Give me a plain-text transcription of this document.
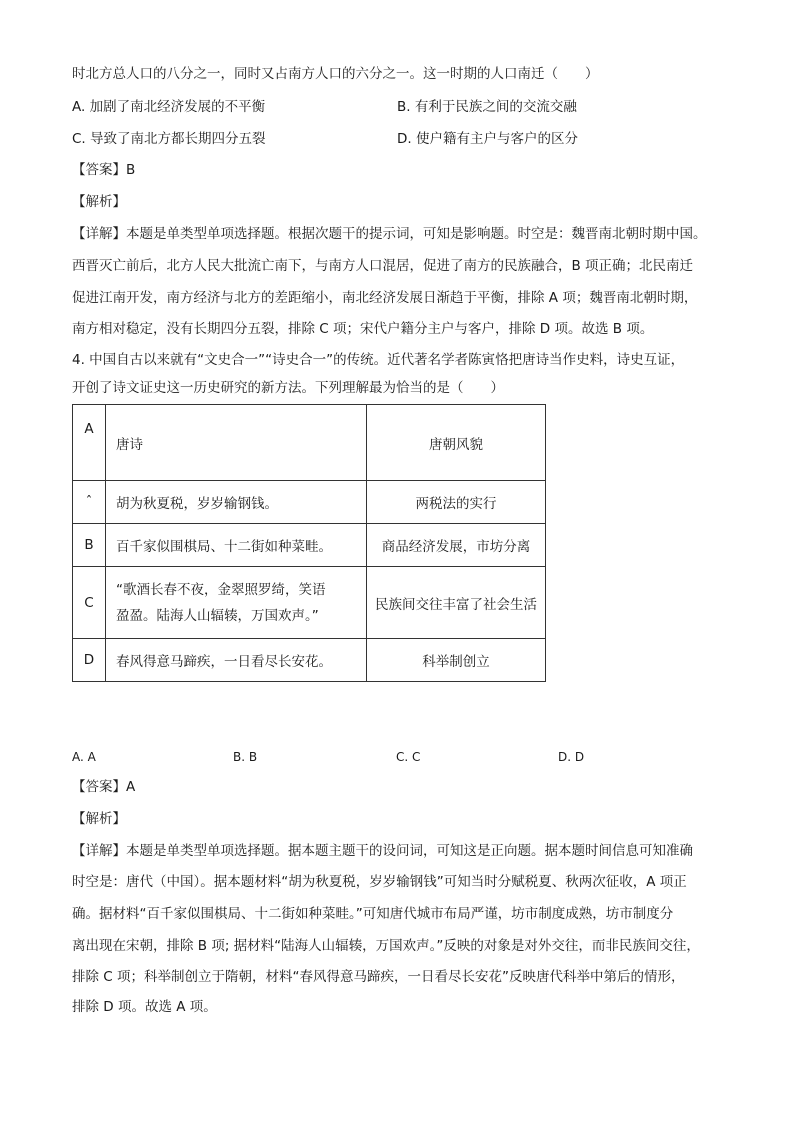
时北方总人口的八分之一，同时又占南方人口的六分之一。这一时期的人口南迁（　　）
A. 加剧了南北经济发展的不平衡	B. 有利于民族之间的交流交融
C. 导致了南北方都长期四分五裂	D. 使户籍有主户与客户的区分
【答案】B
【解析】
【详解】本题是单类型单项选择题。根据次题干的提示词，可知是影响题。时空是：魏晋南北朝时期中国。
西晋灭亡前后，北方人民大批流亡南下，与南方人口混居，促进了南方的民族融合，B 项正确；北民南迁
促进江南开发，南方经济与北方的差距缩小，南北经济发展日渐趋于平衡，排除 A 项；魏晋南北朝时期，
南方相对稳定，没有长期四分五裂，排除 C 项；宋代户籍分主户与客户，排除 D 项。故选 B 项。
4. 中国自古以来就有“文史合一”“诗史合一”的传统。近代著名学者陈寅恪把唐诗当作史料，诗史互证，
开创了诗文证史这一历史研究的新方法。下列理解最为恰当的是（　　）
A	唐诗	唐朝风貌
ˆ	胡为秋夏税，岁岁输钢钱。	两税法的实行
B	百千家似围棋局、十二街如种菜畦。	商品经济发展，市坊分离
C	“歌酒长春不夜，金翠照罗绮，笑语
盈盈。陆海人山辐辏，万国欢声。”	民族间交往丰富了社会生活
D	春风得意马蹄疾，一日看尽长安花。	科举制创立
A. A	B. B	C. C	D. D
【答案】A
【解析】
【详解】本题是单类型单项选择题。据本题主题干的设问词，可知这是正向题。据本题时间信息可知准确
时空是：唐代（中国）。据本题材料“胡为秋夏税，岁岁输钢钱”可知当时分赋税夏、秋两次征收，A 项正
确。据材料“百千家似围棋局、十二街如种菜畦。”可知唐代城市布局严谨，坊市制度成熟，坊市制度分
离出现在宋朝，排除 B 项; 据材料“陆海人山辐辏，万国欢声。”反映的对象是对外交往，而非民族间交往，
排除 C 项；科举制创立于隋朝，材料“春风得意马蹄疾，一日看尽长安花”反映唐代科举中第后的情形，
排除 D 项。故选 A 项。
